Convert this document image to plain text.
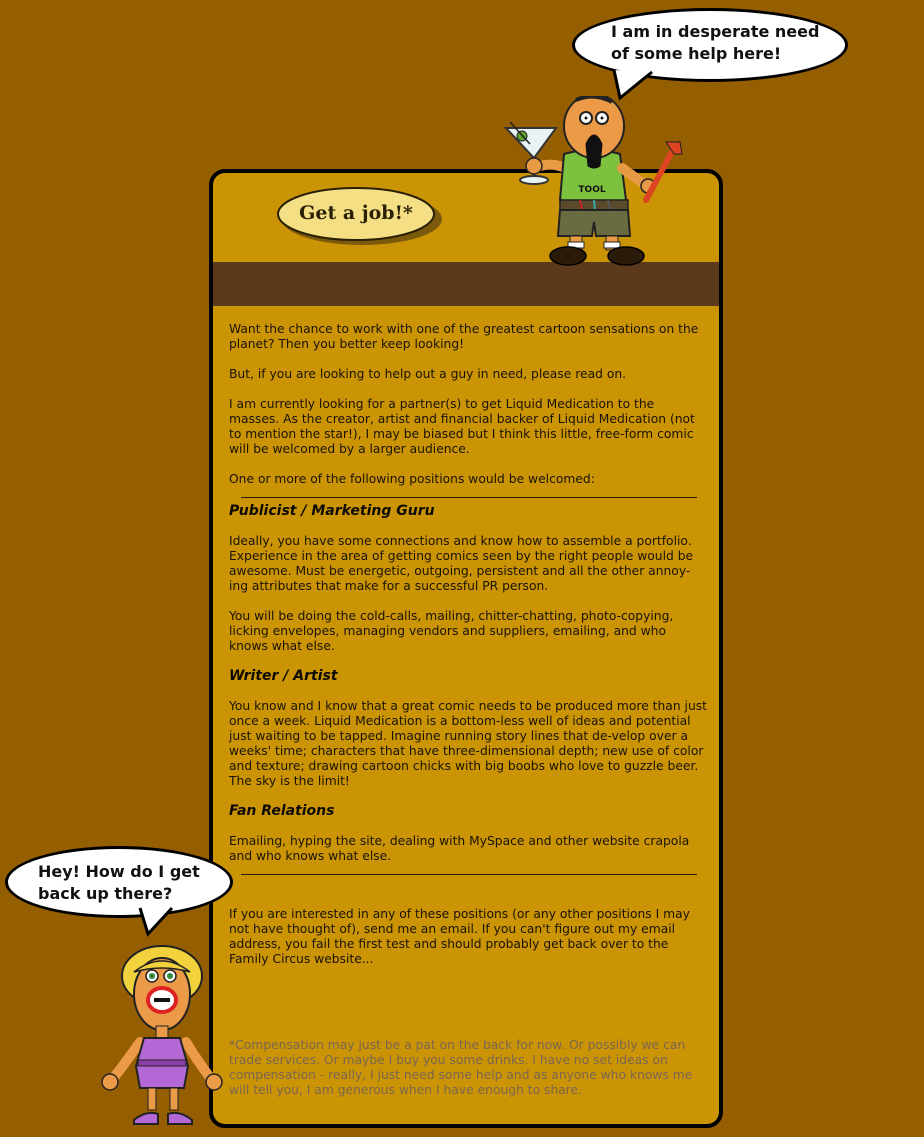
I am in desperate need of some help here!
Get a job!*

Want the chance to work with one of the greatest cartoon sensations on the planet? Then you better keep looking!

But, if you are looking to help out a guy in need, please read on.

I am currently looking for a partner(s) to get Liquid Medication to the masses. As the creator, artist and financial backer of Liquid Medication (not to mention the star!), I may be biased but I think this little, free-form comic will be welcomed by a larger audience.

One or more of the following positions would be welcomed:

Publicist / Marketing Guru

Ideally, you have some connections and know how to assemble a portfolio. Experience in the area of getting comics seen by the right people would be awesome. Must be energetic, outgoing, persistent and all the other annoy-ing attributes that make for a successful PR person.

You will be doing the cold-calls, mailing, chitter-chatting, photo-copying, licking envelopes, managing vendors and suppliers, emailing, and who knows what else.

Writer / Artist

You know and I know that a great comic needs to be produced more than just once a week. Liquid Medication is a bottom-less well of ideas and potential just waiting to be tapped. Imagine running story lines that de-velop over a weeks' time; characters that have three-dimensional depth; new use of color and texture; drawing cartoon chicks with big boobs who love to guzzle beer. The sky is the limit!

Fan Relations

Emailing, hyping the site, dealing with MySpace and other website crapola and who knows what else.

If you are interested in any of these positions (or any other positions I may not have thought of), send me an email. If you can't figure out my email address, you fail the first test and should probably get back over to the Family Circus website...

*Compensation may just be a pat on the back for now. Or possibly we can trade services. Or maybe I buy you some drinks. I have no set ideas on compensation - really, I just need some help and as anyone who knows me will tell you, I am generous when I have enough to share.
TOOL
Hey! How do I get back up there?
